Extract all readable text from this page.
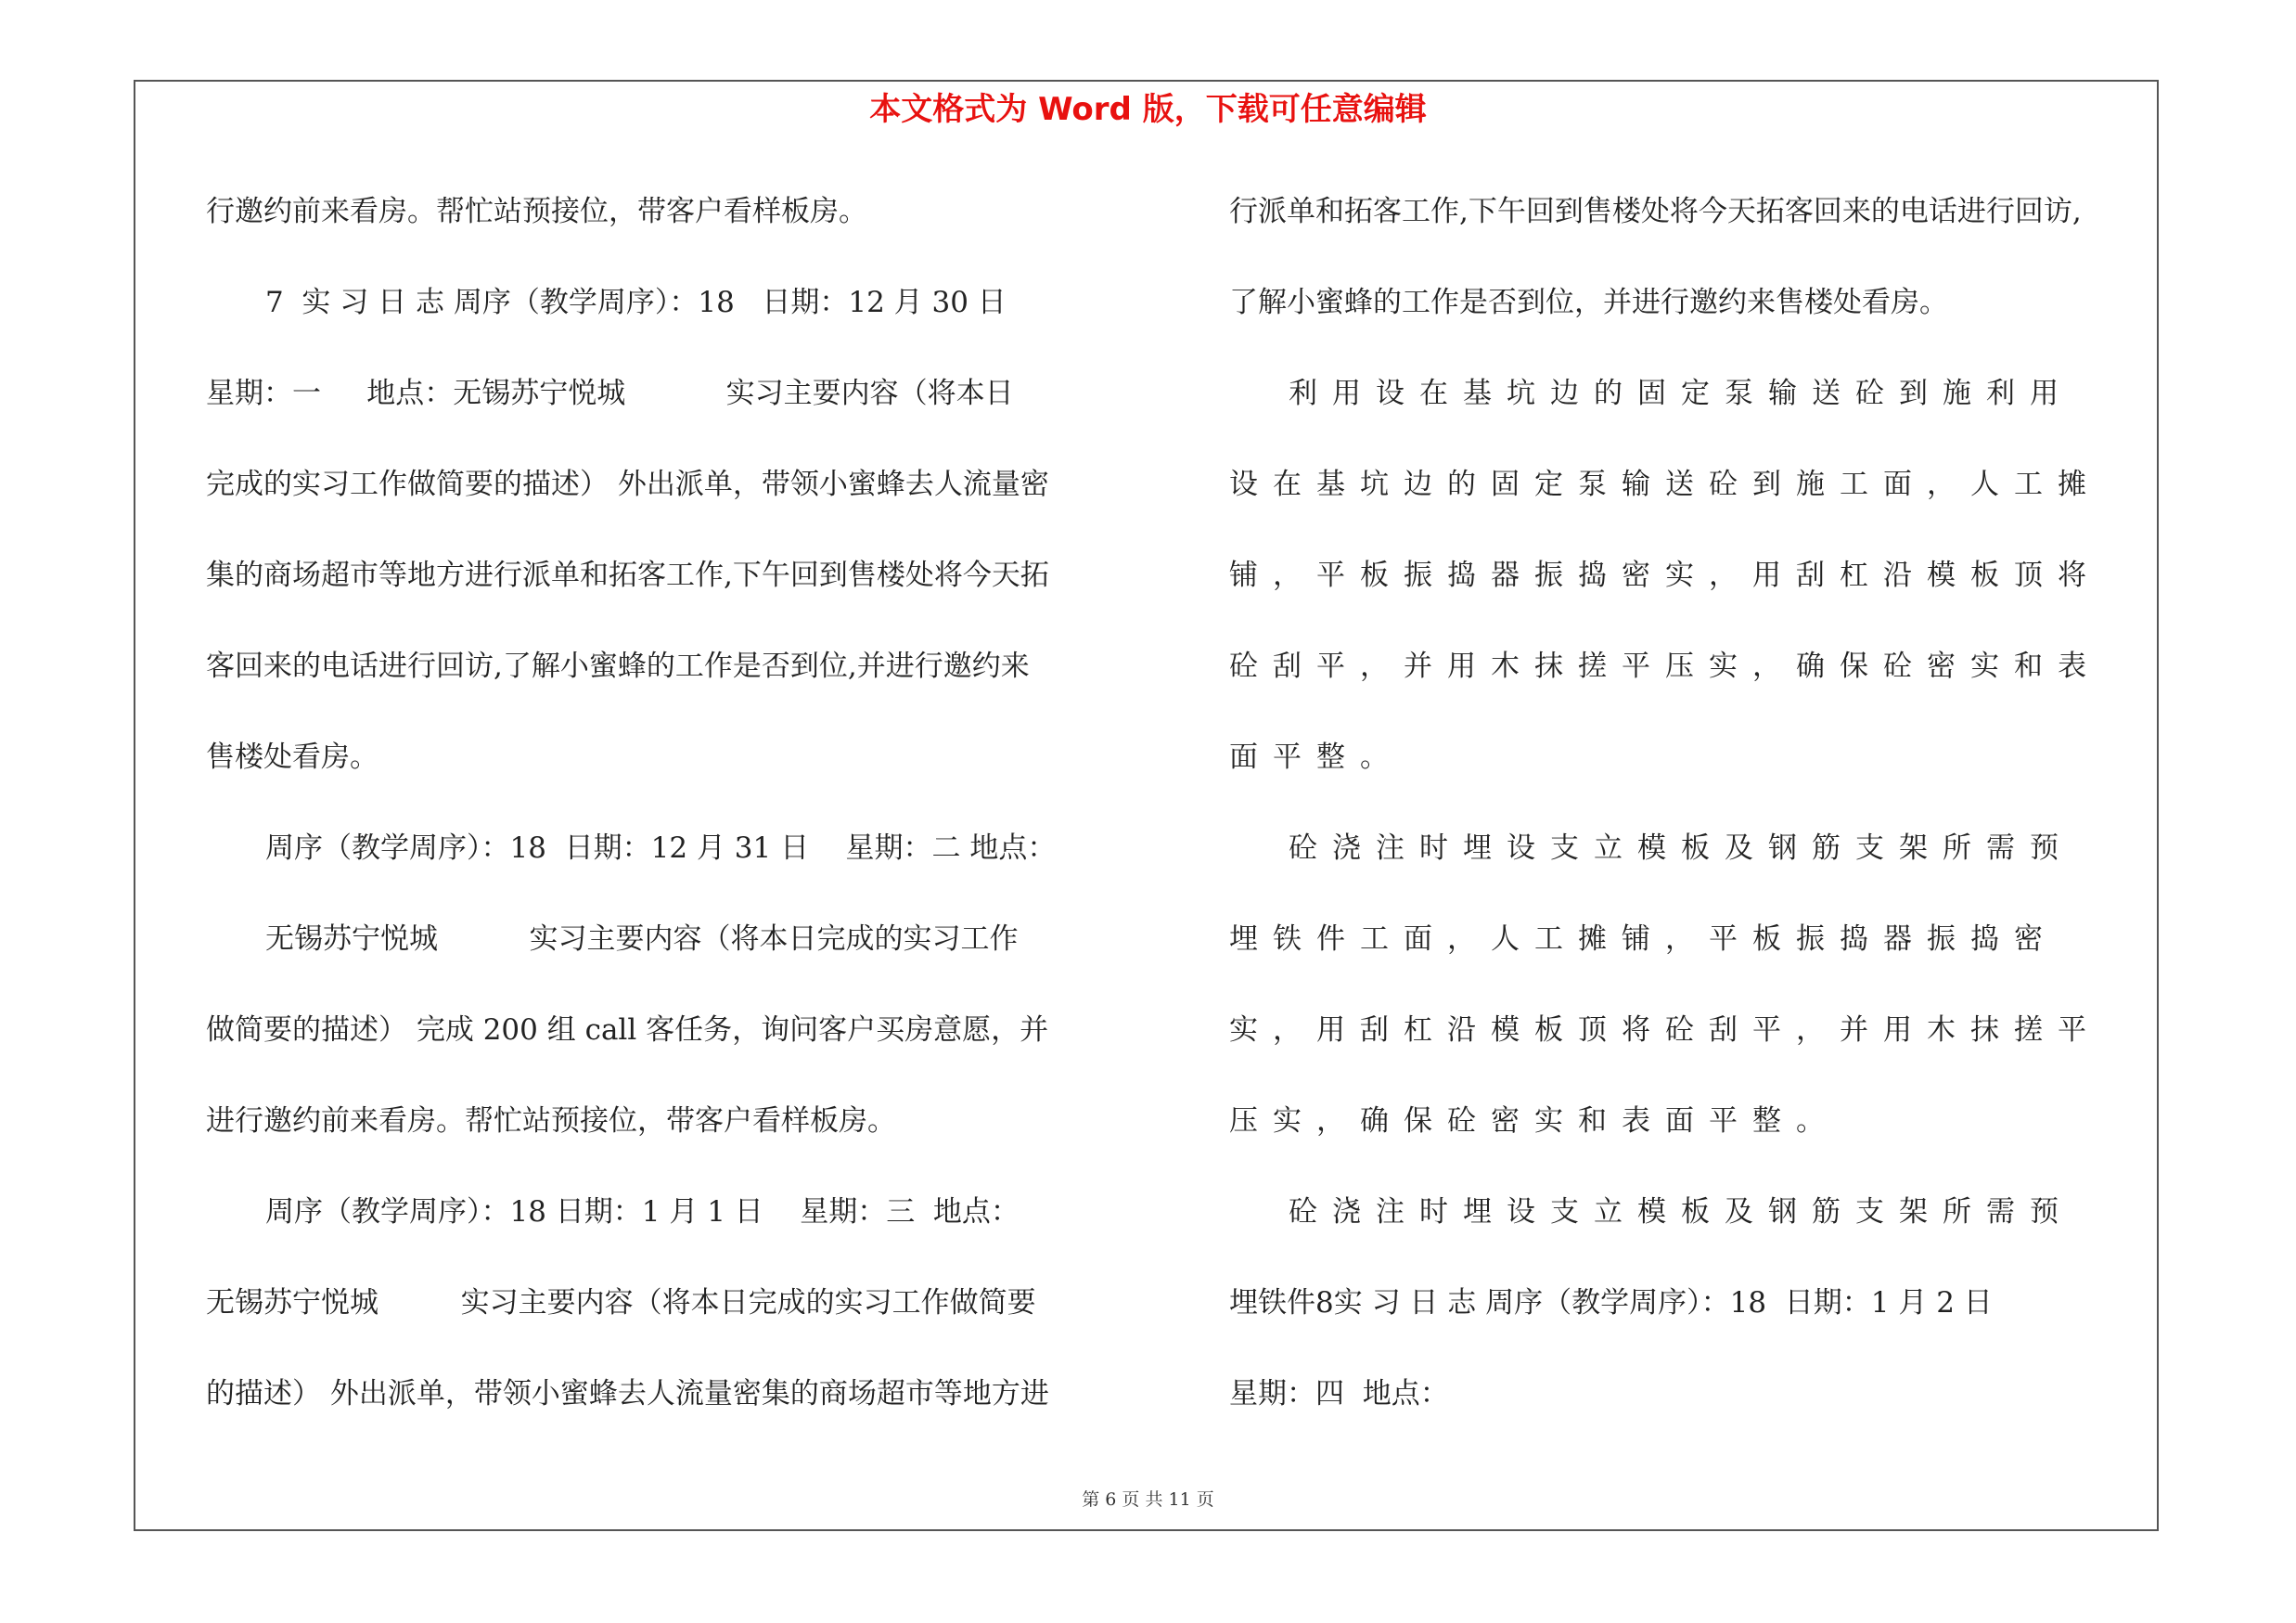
本文格式为 Word 版，下载可任意编辑
行邀约前来看房。帮忙站预接位，带客户看样板房。
7  实 习 日 志 周序（教学周序）：18   日期：12 月 30 日
星期：一     地点：无锡苏宁悦城           实习主要内容（将本日
完成的实习工作做简要的描述） 外出派单，带领小蜜蜂去人流量密
集的商场超市等地方进行派单和拓客工作,下午回到售楼处将今天拓
客回来的电话进行回访,了解小蜜蜂的工作是否到位,并进行邀约来
售楼处看房。
周序（教学周序）：18  日期：12 月 31 日    星期：二 地点：
无锡苏宁悦城          实习主要内容（将本日完成的实习工作
做简要的描述） 完成 200 组 call 客任务，询问客户买房意愿，并
进行邀约前来看房。帮忙站预接位，带客户看样板房。
周序（教学周序）：18 日期：1 月 1 日    星期：三  地点：
无锡苏宁悦城         实习主要内容（将本日完成的实习工作做简要
的描述） 外出派单，带领小蜜蜂去人流量密集的商场超市等地方进
行派单和拓客工作,下午回到售楼处将今天拓客回来的电话进行回访,
了解小蜜蜂的工作是否到位，并进行邀约来售楼处看房。
利用设在基坑边的固定泵输送砼到施利用
设在基坑边的固定泵输送砼到施工面，人工摊
铺，平板振捣器振捣密实，用刮杠沿模板顶将
砼刮平，并用木抹搓平压实，确保砼密实和表
面平整。
砼浇注时埋设支立模板及钢筋支架所需预
埋铁件工面，人工摊铺，平板振捣器振捣密
实，用刮杠沿模板顶将砼刮平，并用木抹搓平
压实，确保砼密实和表面平整。
砼浇注时埋设支立模板及钢筋支架所需预
埋铁件8实 习 日 志 周序（教学周序）：18  日期：1 月 2 日
星期：四  地点：
第 6 页 共 11 页
